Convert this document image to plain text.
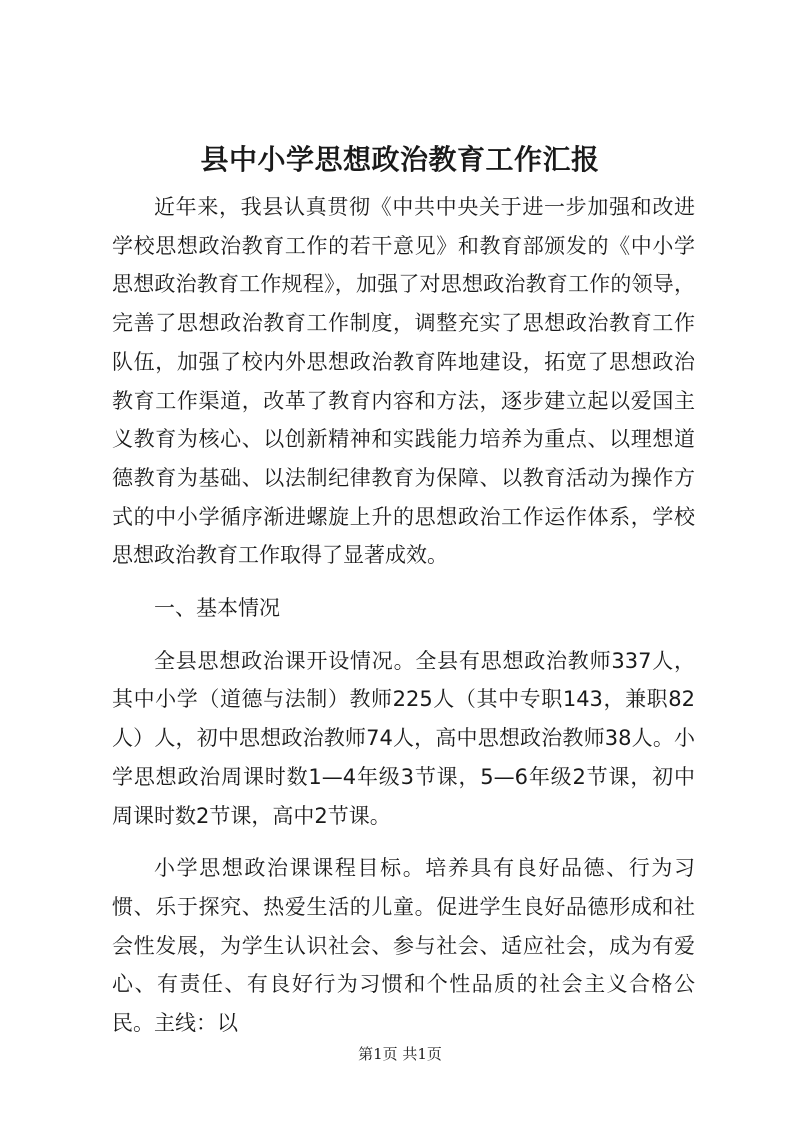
县中小学思想政治教育工作汇报

近年来，我县认真贯彻《中共中央关于进一步加强和改进学校思想政治教育工作的若干意见》和教育部颁发的《中小学思想政治教育工作规程》，加强了对思想政治教育工作的领导，完善了思想政治教育工作制度，调整充实了思想政治教育工作队伍，加强了校内外思想政治教育阵地建设，拓宽了思想政治教育工作渠道，改革了教育内容和方法，逐步建立起以爱国主义教育为核心、以创新精神和实践能力培养为重点、以理想道德教育为基础、以法制纪律教育为保障、以教育活动为操作方式的中小学循序渐进螺旋上升的思想政治工作运作体系，学校思想政治教育工作取得了显著成效。

一、基本情况

全县思想政治课开设情况。全县有思想政治教师337人，其中小学（道德与法制）教师225人（其中专职143，兼职82人）人，初中思想政治教师74人，高中思想政治教师38人。小学思想政治周课时数1—4年级3节课，5—6年级2节课，初中周课时数2节课，高中2节课。

小学思想政治课课程目标。培养具有良好品德、行为习惯、乐于探究、热爱生活的儿童。促进学生良好品德形成和社会性发展，为学生认识社会、参与社会、适应社会，成为有爱心、有责任、有良好行为习惯和个性品质的社会主义合格公民。主线：以

第1页 共1页
